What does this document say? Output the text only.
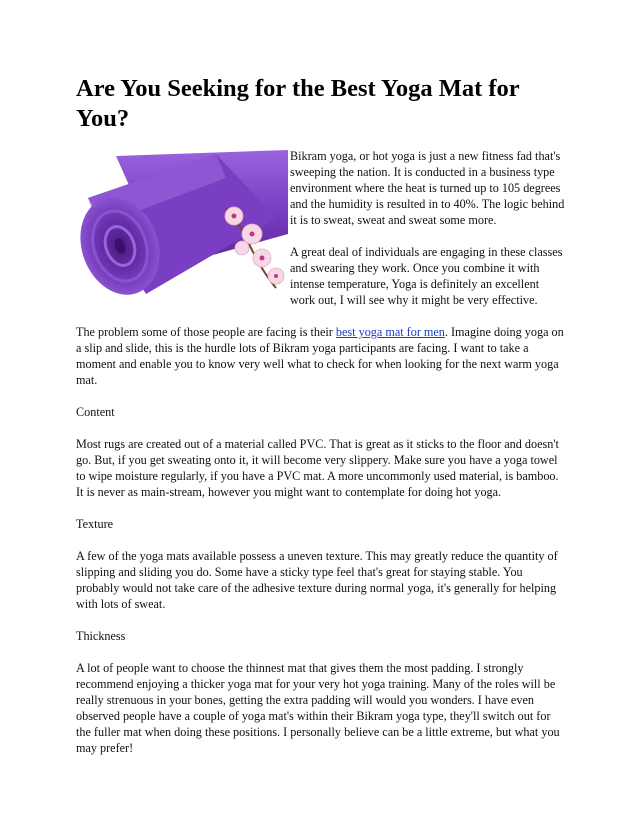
Are You Seeking for the Best Yoga Mat for You?

Bikram yoga, or hot yoga is just a new fitness fad that's sweeping the nation. It is conducted in a business type environment where the heat is turned up to 105 degrees and the humidity is resulted in to 40%. The logic behind it is to sweat, sweat and sweat some more.

A great deal of individuals are engaging in these classes and swearing they work. Once you combine it with intense temperature, Yoga is definitely an excellent work out, I will see why it might be very effective.

The problem some of those people are facing is their best yoga mat for men. Imagine doing yoga on a slip and slide, this is the hurdle lots of Bikram yoga participants are facing. I want to take a moment and enable you to know very well what to check for when looking for the next warm yoga mat.

Content

Most rugs are created out of a material called PVC. That is great as it sticks to the floor and doesn't go. But, if you get sweating onto it, it will become very slippery. Make sure you have a yoga towel to wipe moisture regularly, if you have a PVC mat. A more uncommonly used material, is bamboo. It is never as main-stream, however you might want to contemplate for doing hot yoga.

Texture

A few of the yoga mats available possess a uneven texture. This may greatly reduce the quantity of slipping and sliding you do. Some have a sticky type feel that's great for staying stable. You probably would not take care of the adhesive texture during normal yoga, it's generally for helping with lots of sweat.

Thickness

A lot of people want to choose the thinnest mat that gives them the most padding. I strongly recommend enjoying a thicker yoga mat for your very hot yoga training. Many of the roles will be really strenuous in your bones, getting the extra padding will would you wonders. I have even observed people have a couple of yoga mat's within their Bikram yoga type, they'll switch out for the fuller mat when doing these positions. I personally believe can be a little extreme, but what you may prefer!
